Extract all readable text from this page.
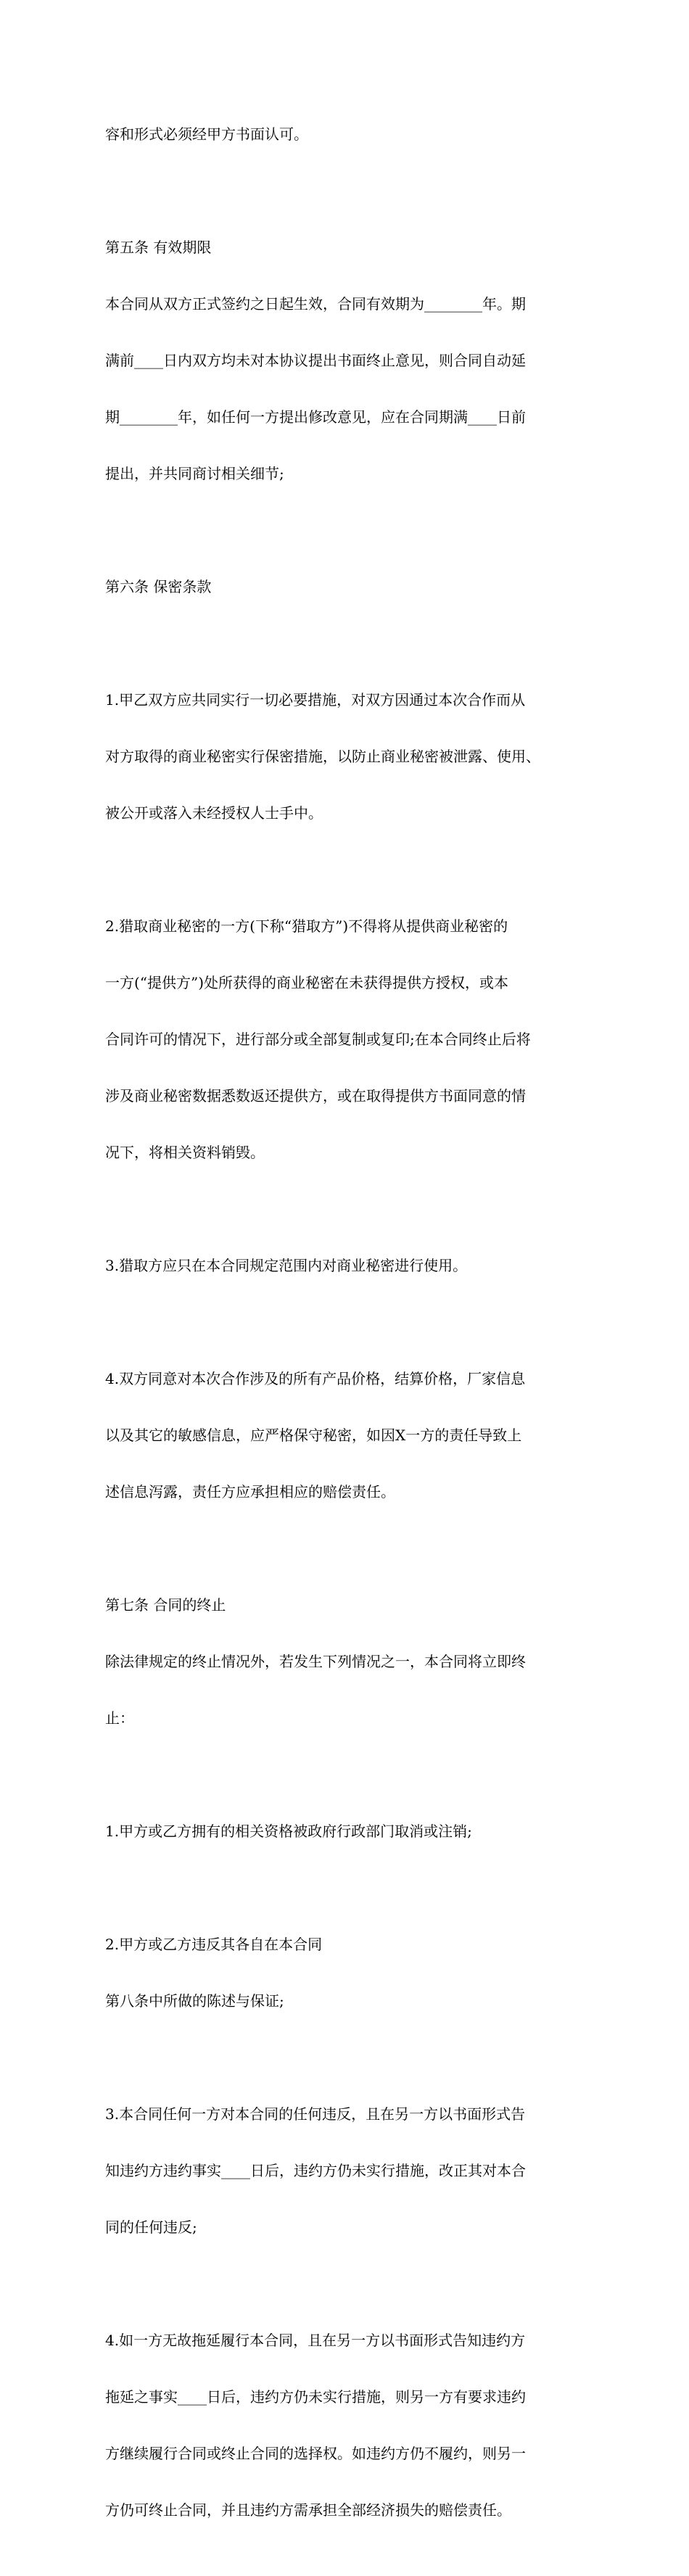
容和形式必须经甲方书面认可。

第五条 有效期限

本合同从双方正式签约之日起生效，合同有效期为________年。期

满前____日内双方均未对本协议提出书面终止意见，则合同自动延

期________年，如任何一方提出修改意见，应在合同期满____日前

提出，并共同商讨相关细节;

第六条 保密条款

1.甲乙双方应共同实行一切必要措施，对双方因通过本次合作而从

对方取得的商业秘密实行保密措施，以防止商业秘密被泄露、使用、

被公开或落入未经授权人士手中。

2.猎取商业秘密的一方(下称“猎取方”)不得将从提供商业秘密的

一方(“提供方”)处所获得的商业秘密在未获得提供方授权，或本

合同许可的情况下，进行部分或全部复制或复印;在本合同终止后将

涉及商业秘密数据悉数返还提供方，或在取得提供方书面同意的情

况下，将相关资料销毁。

3.猎取方应只在本合同规定范围内对商业秘密进行使用。

4.双方同意对本次合作涉及的所有产品价格，结算价格，厂家信息

以及其它的敏感信息，应严格保守秘密，如因X一方的责任导致上

述信息泻露，责任方应承担相应的赔偿责任。

第七条 合同的终止

除法律规定的终止情况外，若发生下列情况之一，本合同将立即终

止：

1.甲方或乙方拥有的相关资格被政府行政部门取消或注销;

2.甲方或乙方违反其各自在本合同

第八条中所做的陈述与保证;

3.本合同任何一方对本合同的任何违反，且在另一方以书面形式告

知违约方违约事实____日后，违约方仍未实行措施，改正其对本合

同的任何违反;

4.如一方无故拖延履行本合同，且在另一方以书面形式告知违约方

拖延之事实____日后，违约方仍未实行措施，则另一方有要求违约

方继续履行合同或终止合同的选择权。如违约方仍不履约，则另一

方仍可终止合同，并且违约方需承担全部经济损失的赔偿责任。
